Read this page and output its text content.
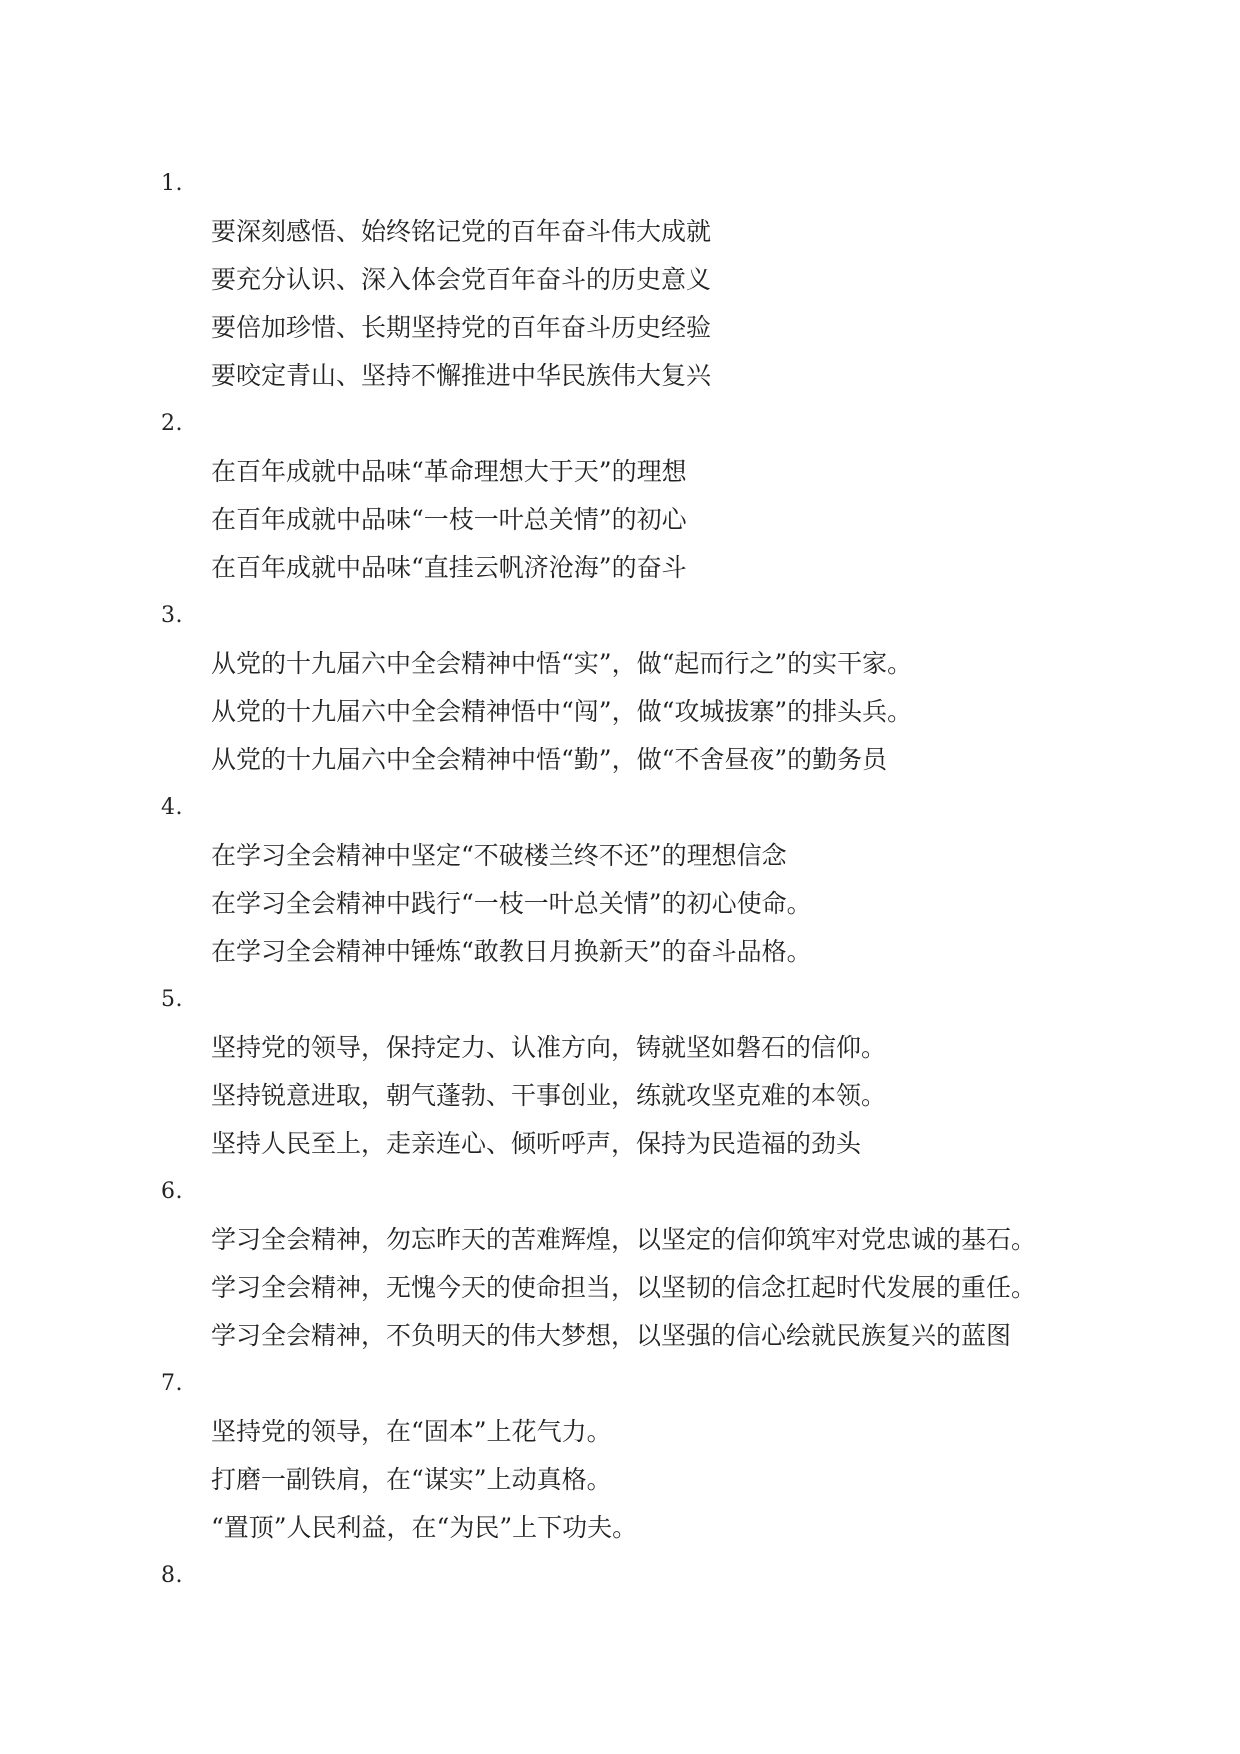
1.
要深刻感悟、始终铭记党的百年奋斗伟大成就
要充分认识、深入体会党百年奋斗的历史意义
要倍加珍惜、长期坚持党的百年奋斗历史经验
要咬定青山、坚持不懈推进中华民族伟大复兴
2.
在百年成就中品味“革命理想大于天”的理想
在百年成就中品味“一枝一叶总关情”的初心
在百年成就中品味“直挂云帆济沧海”的奋斗
3.
从党的十九届六中全会精神中悟“实”，做“起而行之”的实干家。
从党的十九届六中全会精神悟中“闯”，做“攻城拔寨”的排头兵。
从党的十九届六中全会精神中悟“勤”，做“不舍昼夜”的勤务员
4.
在学习全会精神中坚定“不破楼兰终不还”的理想信念
在学习全会精神中践行“一枝一叶总关情”的初心使命。
在学习全会精神中锤炼“敢教日月换新天”的奋斗品格。
5.
坚持党的领导，保持定力、认准方向，铸就坚如磐石的信仰。
坚持锐意进取，朝气蓬勃、干事创业，练就攻坚克难的本领。
坚持人民至上，走亲连心、倾听呼声，保持为民造福的劲头
6.
学习全会精神，勿忘昨天的苦难辉煌，以坚定的信仰筑牢对党忠诚的基石。
学习全会精神，无愧今天的使命担当，以坚韧的信念扛起时代发展的重任。
学习全会精神，不负明天的伟大梦想，以坚强的信心绘就民族复兴的蓝图
7.
坚持党的领导，在“固本”上花气力。
打磨一副铁肩，在“谋实”上动真格。
“置顶”人民利益，在“为民”上下功夫。
8.
